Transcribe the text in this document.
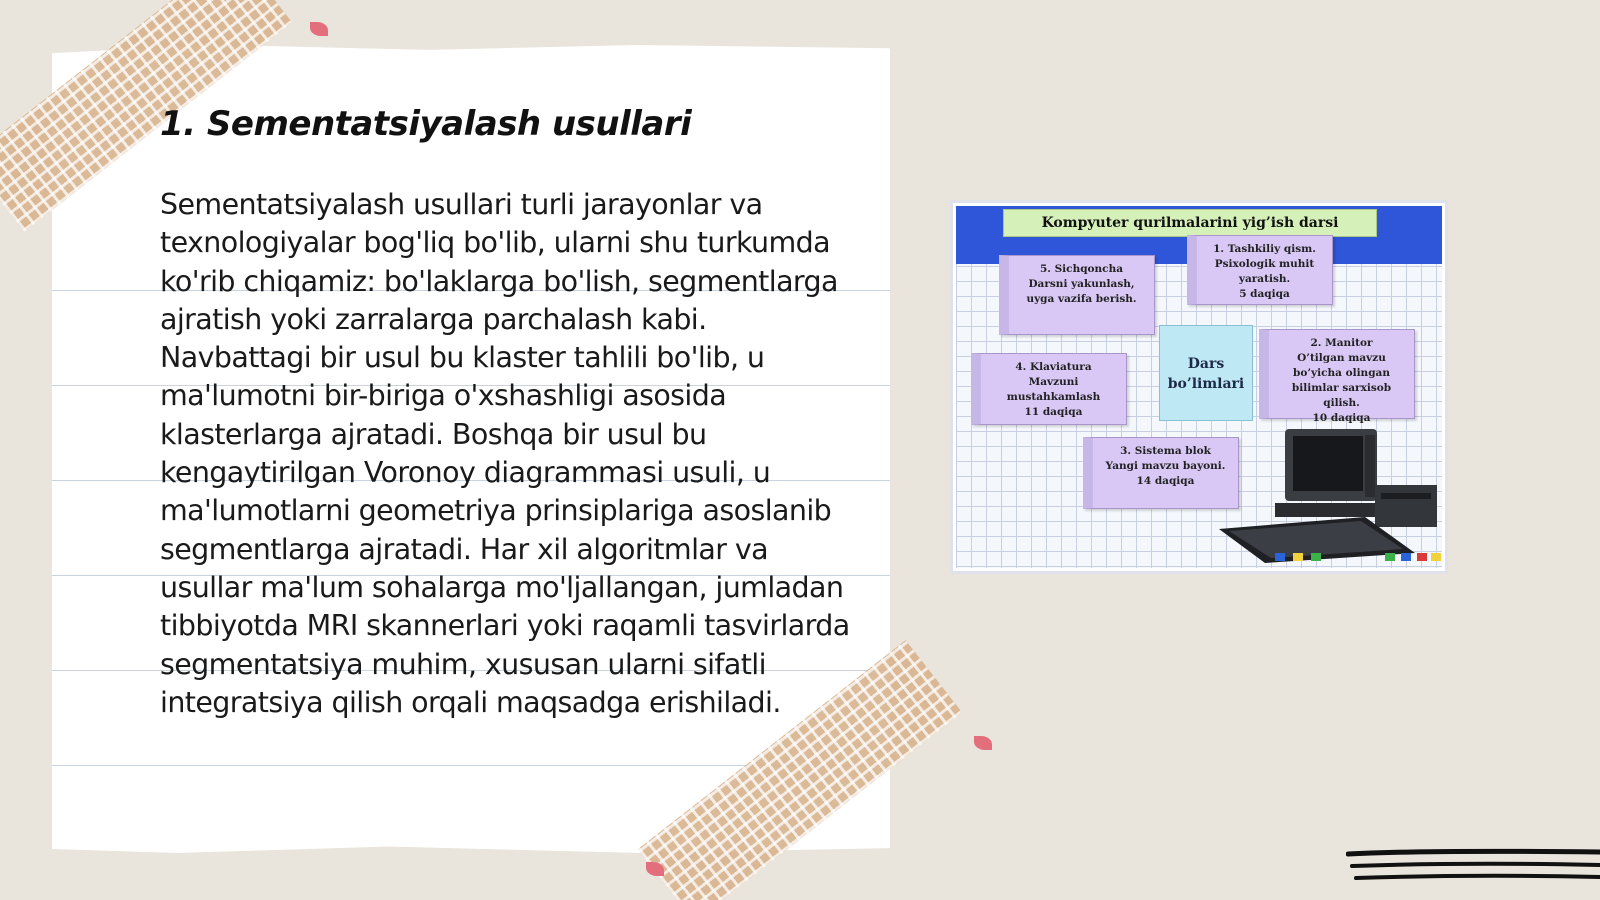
1. Sementatsiyalash usullari

Sementatsiyalash usullari turli jarayonlar va texnologiyalar bog'liq bo'lib, ularni shu turkumda ko'rib chiqamiz: bo'laklarga bo'lish, segmentlarga ajratish yoki zarralarga parchalash kabi. Navbattagi bir usul bu klaster tahlili bo'lib, u ma'lumotni bir-biriga o'xshashligi asosida klasterlarga ajratadi. Boshqa bir usul bu kengaytirilgan Voronoy diagrammasi usuli, u ma'lumotlarni geometriya prinsiplariga asoslanib segmentlarga ajratadi. Har xil algoritmlar va usullar ma'lum sohalarga mo'ljallangan, jumladan tibbiyotda MRI skannerlari yoki raqamli tasvirlarda segmentatsiya muhim, xususan ularni sifatli integratsiya qilish orqali maqsadga erishiladi.

Kompyuter qurilmalarini yig’ish darsi
1. Tashkiliy qism.
Psixologik muhit
yaratish.
5 daqiqa
2. Manitor
O’tilgan mavzu
bo’yicha olingan
bilimlar sarxisob
qilish.
10 daqiqa
3. Sistema blok
Yangi mavzu bayoni.
14 daqiqa
4. Klaviatura
Mavzuni
mustahkamlash
11 daqiqa
5. Sichqoncha
Darsni yakunlash,
uyga vazifa berish.
Dars
bo’limlari
